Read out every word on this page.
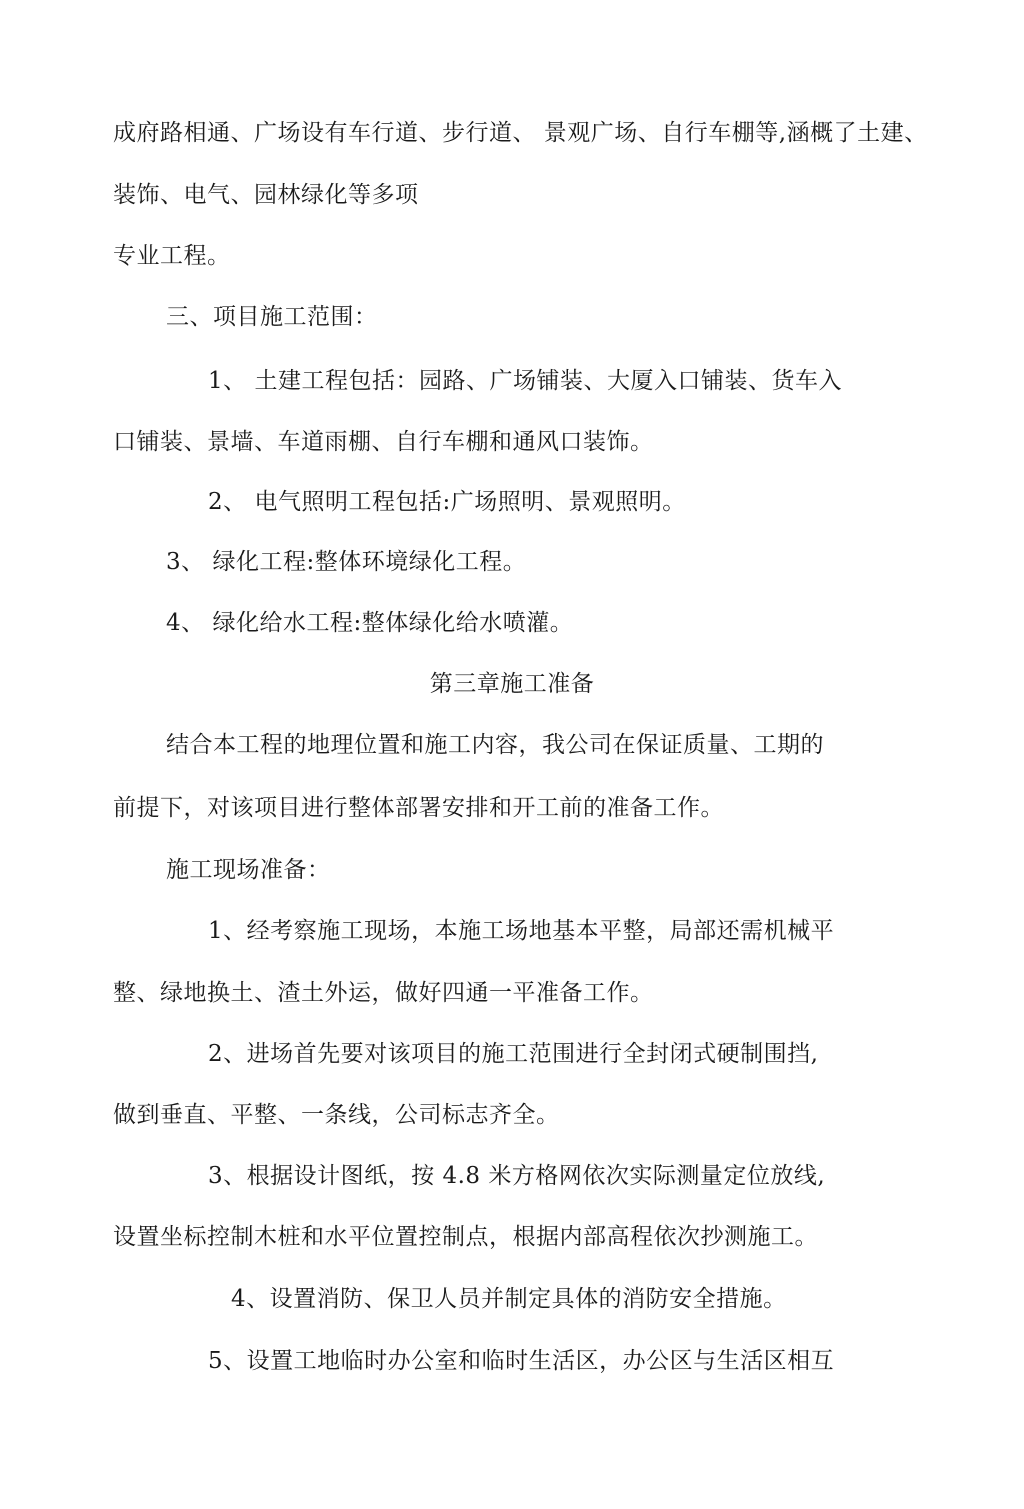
成府路相通、广场设有车行道、步行道、 景观广场、自行车棚等,涵概了土建、
装饰、电气、园林绿化等多项
专业工程。
三、项目施工范围：
1、 土建工程包括：园路、广场铺装、大厦入口铺装、货车入
口铺装、景墙、车道雨棚、自行车棚和通风口装饰。
2、 电气照明工程包括:广场照明、景观照明。
3、 绿化工程:整体环境绿化工程。
4、 绿化给水工程:整体绿化给水喷灌。
第三章施工准备
结合本工程的地理位置和施工内容，我公司在保证质量、工期的
前提下，对该项目进行整体部署安排和开工前的准备工作。
施工现场准备：
1、经考察施工现场，本施工场地基本平整，局部还需机械平
整、绿地换土、渣土外运，做好四通一平准备工作。
2、进场首先要对该项目的施工范围进行全封闭式硬制围挡,
做到垂直、平整、一条线，公司标志齐全。
3、根据设计图纸，按 4.8 米方格网依次实际测量定位放线,
设置坐标控制木桩和水平位置控制点，根据内部高程依次抄测施工。
4、设置消防、保卫人员并制定具体的消防安全措施。
5、设置工地临时办公室和临时生活区，办公区与生活区相互
